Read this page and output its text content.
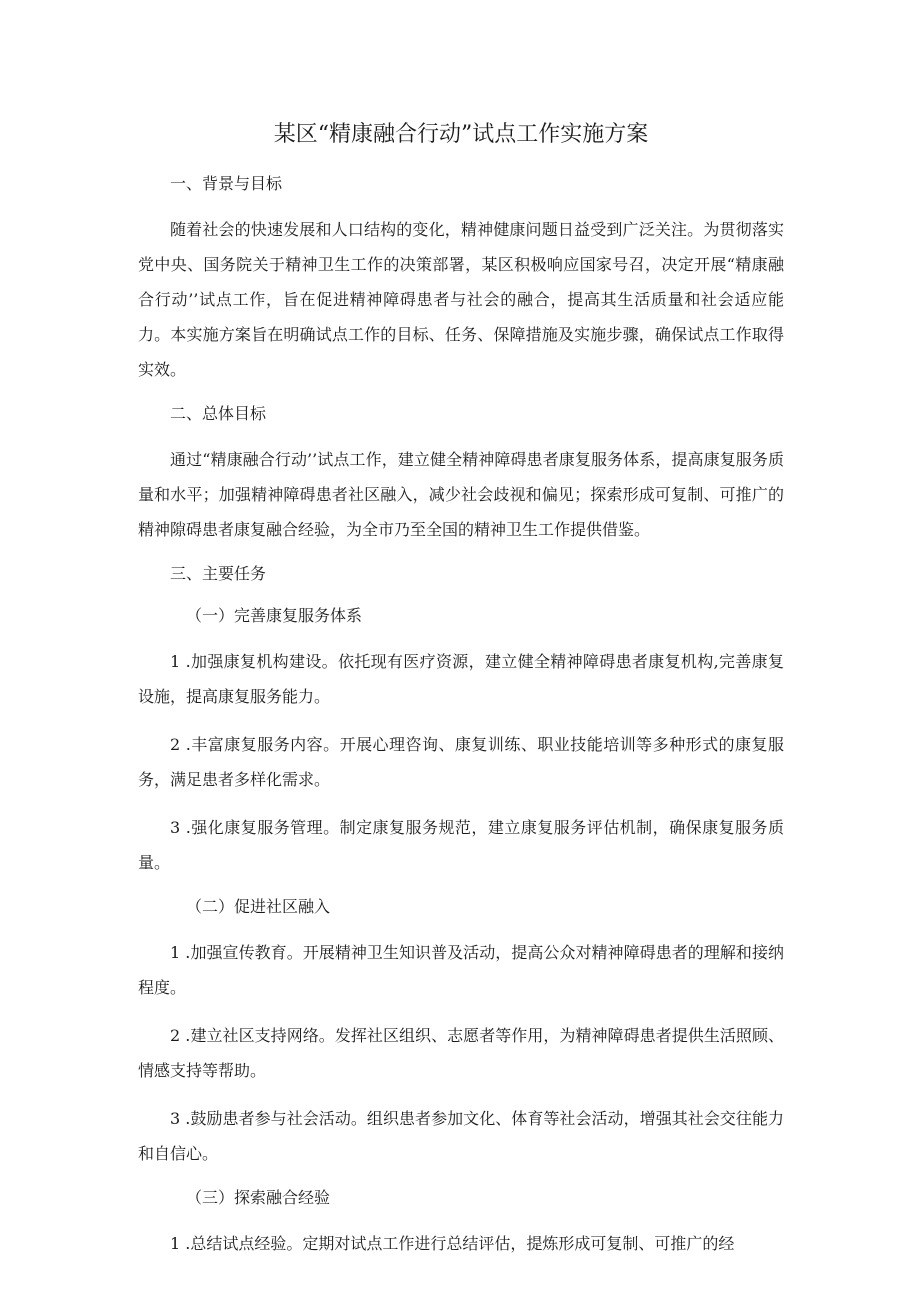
某区“精康融合行动”试点工作实施方案

一、背景与目标

随着社会的快速发展和人口结构的变化，精神健康问题日益受到广泛关注。为贯彻落实党中央、国务院关于精神卫生工作的决策部署，某区积极响应国家号召，决定开展“精康融合行动’’试点工作，旨在促进精神障碍患者与社会的融合，提高其生活质量和社会适应能力。本实施方案旨在明确试点工作的目标、任务、保障措施及实施步骤，确保试点工作取得实效。

二、总体目标

通过“精康融合行动’’试点工作，建立健全精神障碍患者康复服务体系，提高康复服务质量和水平；加强精神障碍患者社区融入，减少社会歧视和偏见；探索形成可复制、可推广的精神隙碍患者康复融合经验，为全市乃至全国的精神卫生工作提供借鉴。

三、主要任务

（一）完善康复服务体系

1 .加强康复机构建设。依托现有医疗资源，建立健全精神障碍患者康复机构,完善康复设施，提高康复服务能力。

2 .丰富康复服务内容。开展心理咨询、康复训练、职业技能培训等多种形式的康复服务，满足患者多样化需求。

3 .强化康复服务管理。制定康复服务规范，建立康复服务评估机制，确保康复服务质量。

（二）促进社区融入

1 .加强宣传教育。开展精神卫生知识普及活动，提高公众对精神障碍患者的理解和接纳程度。

2 .建立社区支持网络。发挥社区组织、志愿者等作用，为精神障碍患者提供生活照顾、情感支持等帮助。

3 .鼓励患者参与社会活动。组织患者参加文化、体育等社会活动，增强其社会交往能力和自信心。

（三）探索融合经验

1 .总结试点经验。定期对试点工作进行总结评估，提炼形成可复制、可推广的经
